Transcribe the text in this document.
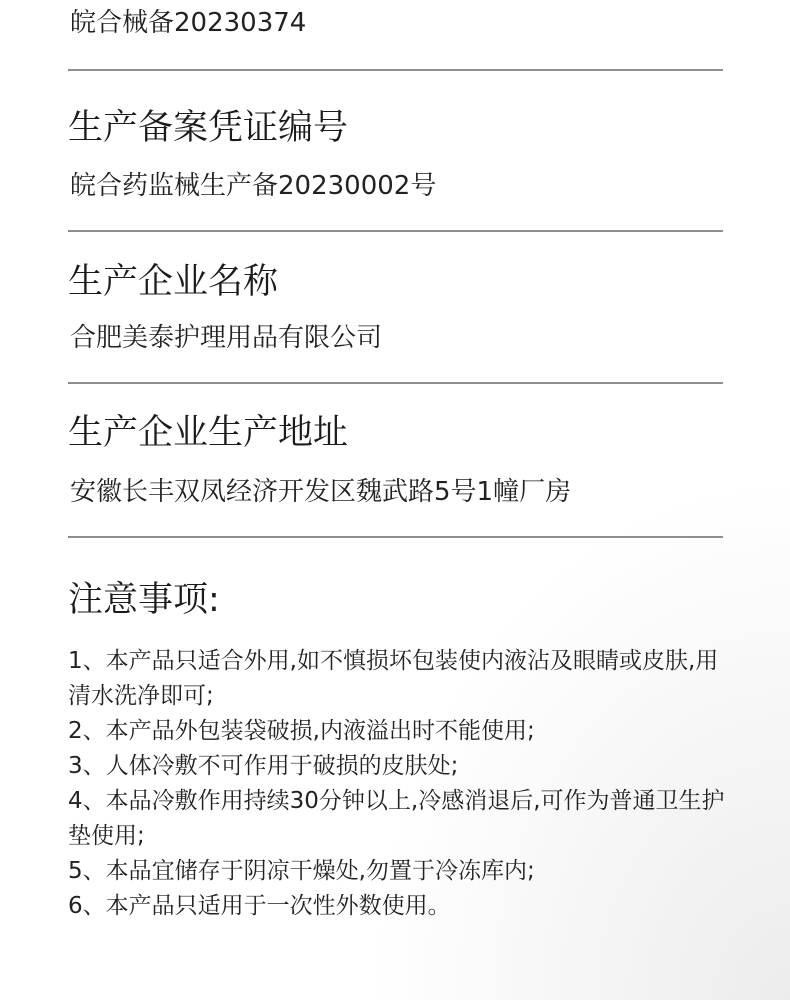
皖合械备20230374
生产备案凭证编号
皖合药监械生产备20230002号
生产企业名称
合肥美泰护理用品有限公司
生产企业生产地址
安徽长丰双凤经济开发区魏武路5号1幢厂房
注意事项:
1、本产品只适合外用,如不慎损坏包装使内液沾及眼睛或皮肤,用
清水洗净即可;
2、本产品外包装袋破损,内液溢出时不能使用;
3、人体冷敷不可作用于破损的皮肤处;
4、本品冷敷作用持续30分钟以上,冷感消退后,可作为普通卫生护
垫使用;
5、本品宜储存于阴凉干燥处,勿置于冷冻库内;
6、本产品只适用于一次性外数使用。
